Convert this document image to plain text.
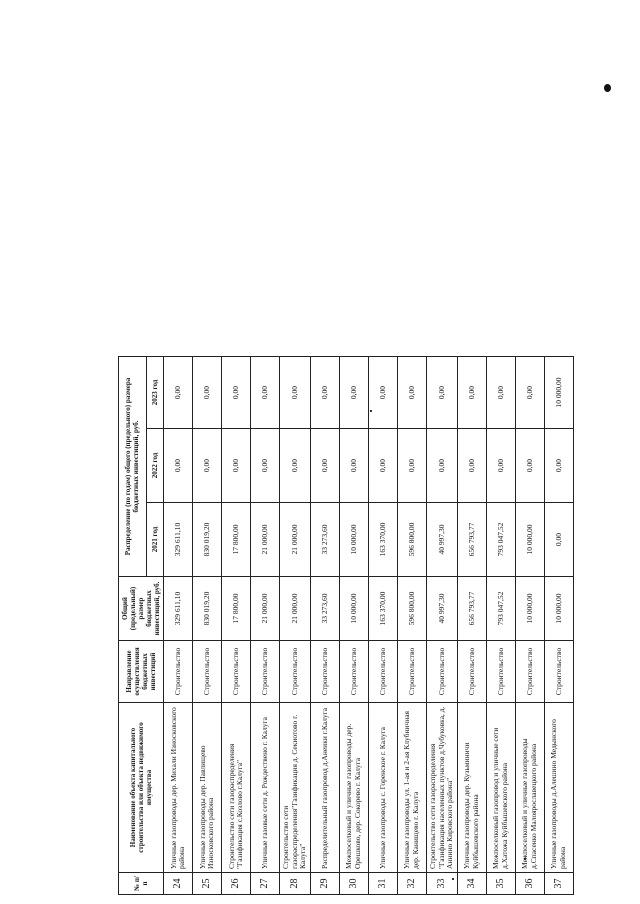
№ п/п	Наименование объекта капитального строительства или объекта недвижимого имущества	Направление осуществления бюджетных инвестиций	Общий (предельный) размер бюджетных инвестиций, руб.	Распределение (по годам) общего (предельного) размера бюджетных инвестиций, руб.		
				2021 год	2022 год	2023 год
24	Уличные газопроводы дер. Михали Износковского района	Строительство	329 611,10	329 611,10	0,00	0,00
25	Уличные газопроводы дер. Павлищево Износковского района	Строительство	830 019,20	830 019,20	0,00	0,00
26	Строительство сети газораспределения "Газификация с.Козлово г.Калуга"	Строительство	17 800,00	17 800,00	0,00	0,00
27	Уличные газовые сети д. Рождествено г. Калуга	Строительство	21 000,00	21 000,00	0,00	0,00
28	Строительство сети газораспределения"Газификация д. Секиотово г. Калуга"	Строительство	21 000,00	21 000,00	0,00	0,00
29	Распределительный газопровод д.Анеики г.Калуга	Строительство	33 273,60	33 273,60	0,00	0,00
30	Межпоселковый и уличные газопроводы дер. Орешково, дер. Сокорево г. Калуга	Строительство	10 000,00	10 000,00	0,00	0,00
31	Уличные газопроводы с. Горенское г. Калуга	Строительство	163 370,00	163 370,00	0,00	0,00
32	Уличные газопроводы ул. 1-ая и 2-ая Клубничная дер. Канищево г. Калуга	Строительство	596 800,00	596 800,00	0,00	0,00
33	Строительство сети газораспределения "Газификация населенных пунктов д.Чубуковка, д. Аннино Кировского района"	Строительство	40 997,30	40 997,30	0,00	0,00
34	Уличные газопроводы дер. Кузьминичи Куйбышевского района	Строительство	656 793,77	656 793,77	0,00	0,00
35	Межпоселковый газопровод и уличные сети д.Хатожа Куйбышевского района	Строительство	793 047,52	793 047,52	0,00	0,00
36	Межпоселковый и уличные газопроводы д.Спасенко Малоярославецкого района	Строительство	10 000,00	10 000,00	0,00	0,00
37	Уличные газопроводы д.Алешино Медынского района	Строительство	10 000,00	0,00	0,00	10 000,00
